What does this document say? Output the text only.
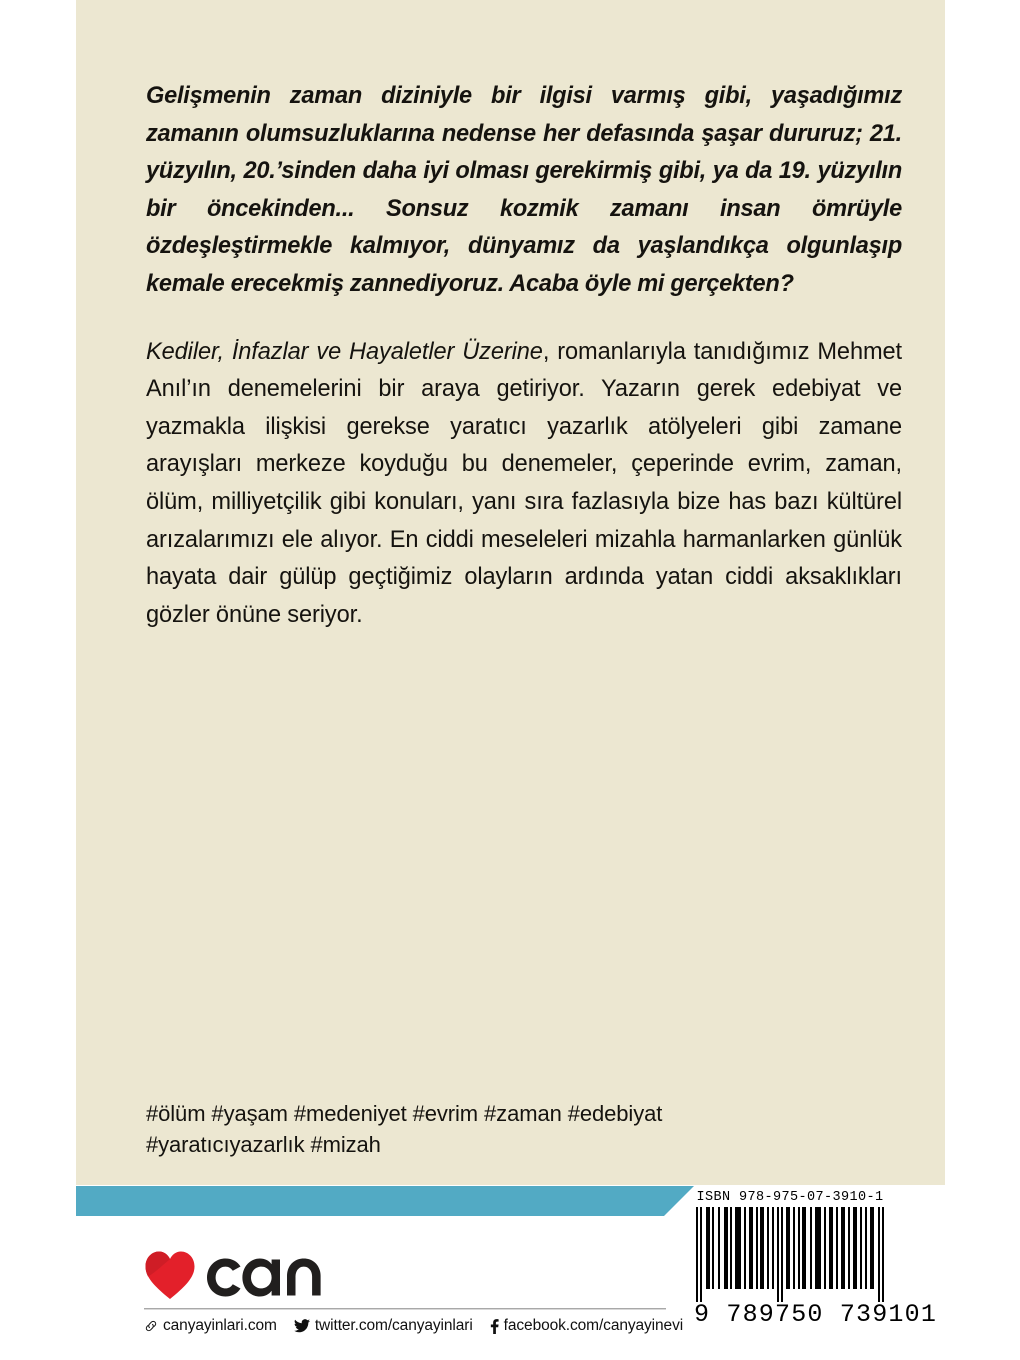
Gelişmenin zaman diziniyle bir ilgisi varmış gibi, yaşadığımız zamanın olumsuzluklarına nedense her defasında şaşar dururuz; 21. yüzyılın, 20.’sinden daha iyi olması gerekirmiş gibi, ya da 19. yüzyılın bir öncekinden... Sonsuz kozmik zamanı insan ömrüyle özdeşleştirmekle kalmıyor, dünyamız da yaşlandıkça olgunlaşıp kemale erecekmiş zannediyoruz. Acaba öyle mi gerçekten?

Kediler, İnfazlar ve Hayaletler Üzerine, romanlarıyla tanıdığımız Mehmet Anıl’ın denemelerini bir araya getiriyor. Yazarın gerek edebiyat ve yazmakla ilişkisi gerekse yaratıcı yazarlık atölyeleri gibi zamane arayışları merkeze koyduğu bu denemeler, çeperinde evrim, zaman, ölüm, milliyetçilik gibi konuları, yanı sıra fazlasıyla bize has bazı kültürel arızalarımızı ele alıyor. En ciddi meseleleri mizahla harmanlarken günlük hayata dair gülüp geçtiğimiz olayların ardında yatan ciddi aksaklıkları gözler önüne seriyor.

#ölüm #yaşam #medeniyet #evrim #zaman #edebiyat
#yaratıcıyazarlık #mizah
canyayinlari.com twitter.com/canyayinlari facebook.com/canyayinevi
ISBN 978-975-07-3910-1
9 789750 739101
